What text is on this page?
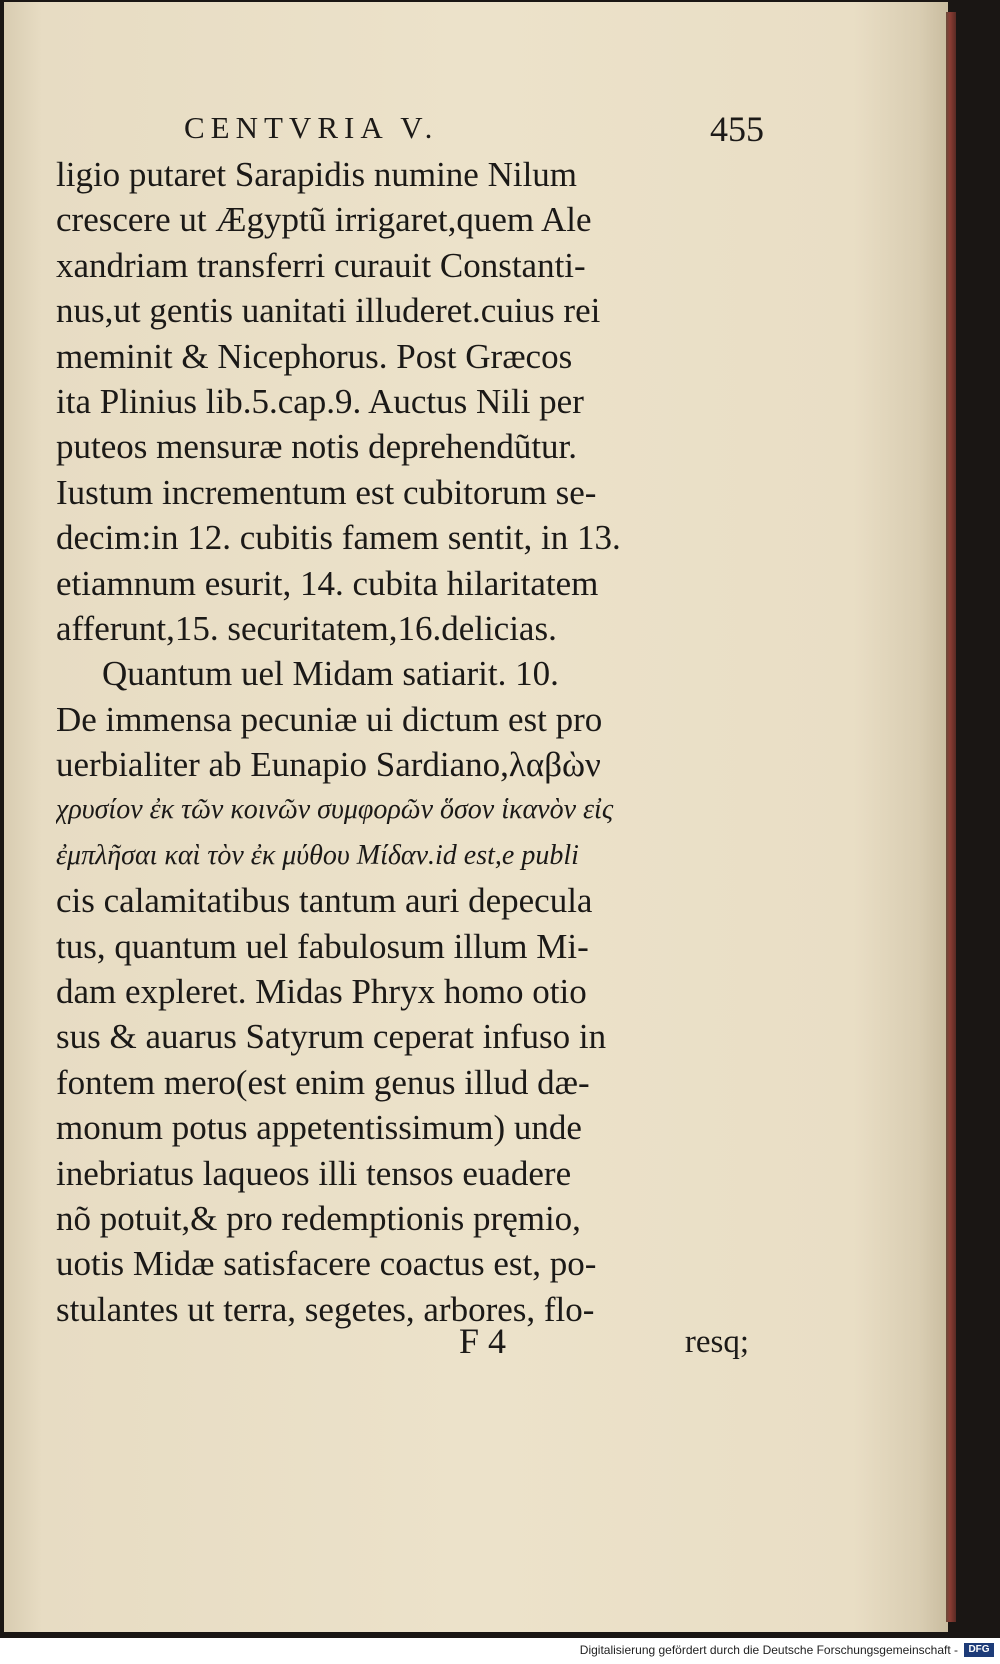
CENTVRIA V.	455
ligio putaret Sarapidis numine Nilum
crescere ut Ægyptũ irrigaret,quem Ale
xandriam transferri curauit Constanti-
nus,ut gentis uanitati illuderet.cuius rei
meminit & Nicephorus. Post Græcos
ita Plinius lib.5.cap.9. Auctus Nili per
puteos mensuræ notis deprehendũtur.
Iustum incrementum est cubitorum se-
decim:in 12. cubitis famem sentit, in 13.
etiamnum esurit, 14. cubita hilaritatem
afferunt,15. securitatem,16.delicias.
Quantum uel Midam satiarit. 10.
De immensa pecuniæ ui dictum est pro
uerbialiter ab Eunapio Sardiano,λαβὼν
χρυσίον ἐκ τῶν κοινῶν συμφορῶν ὅσον ἱκανὸν εἰς
ἐμπλῆσαι καὶ τὸν ἐκ μύθου Μίδαν.id est,e publi
cis calamitatibus tantum auri depecula
tus, quantum uel fabulosum illum Mi-
dam expleret. Midas Phryx homo otio
sus & auarus Satyrum ceperat infuso in
fontem mero(est enim genus illud dæ-
monum potus appetentissimum) unde
inebriatus laqueos illi tensos euadere
nõ potuit,& pro redemptionis pręmio,
uotis Midæ satisfacere coactus est, po-
stulantes ut terra, segetes, arbores, flo-
F 4	resq;
Digitalisierung gefördert durch die Deutsche Forschungsgemeinschaft -	DFG
